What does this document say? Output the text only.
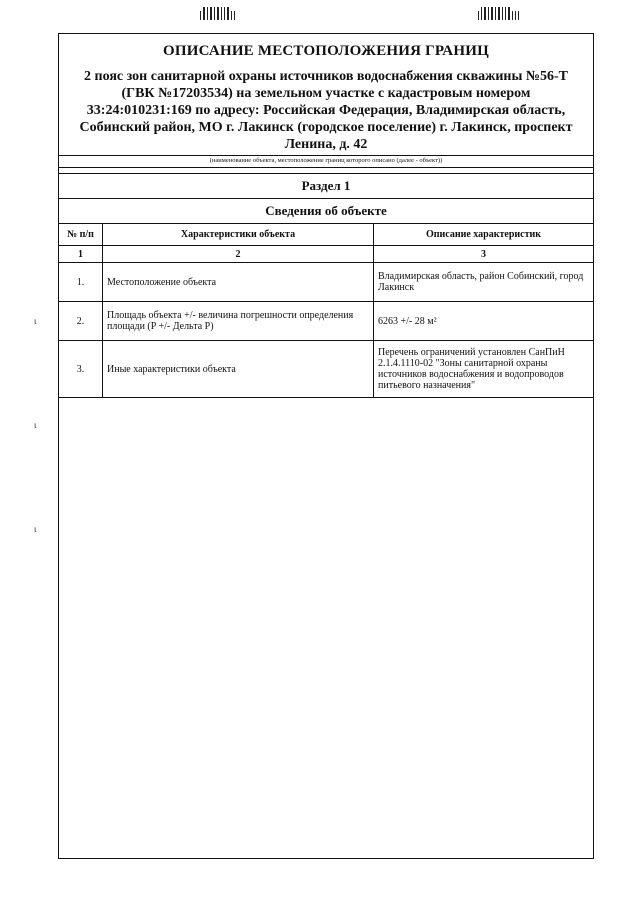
ɩ
ɩ
ɩ
ОПИСАНИЕ МЕСТОПОЛОЖЕНИЯ ГРАНИЦ
2 пояс зон санитарной охраны источников водоснабжения скважины №56-Т
(ГВК №17203534) на земельном участке с кадастровым номером
33:24:010231:169 по адресу: Российская Федерация, Владимирская область,
Собинский район, МО г. Лакинск (городское поселение) г. Лакинск, проспект
Ленина, д. 42
(наименование объекта, местоположение границ которого описано (далее - объект))
Раздел 1
Сведения об объекте
№ п/п	Характеристики объекта	Описание характеристик
1	2	3
1.	Местоположение объекта	Владимирская область, район Собинский, город Лакинск
2.	Площадь объекта +/- величина погрешности определения площади (P +/- Дельта P)	6263 +/- 28 м²
3.	Иные характеристики объекта	Перечень ограничений установлен СанПиН 2.1.4.1110-02 "Зоны санитарной охраны источников водоснабжения и водопроводов питьевого назначения"
